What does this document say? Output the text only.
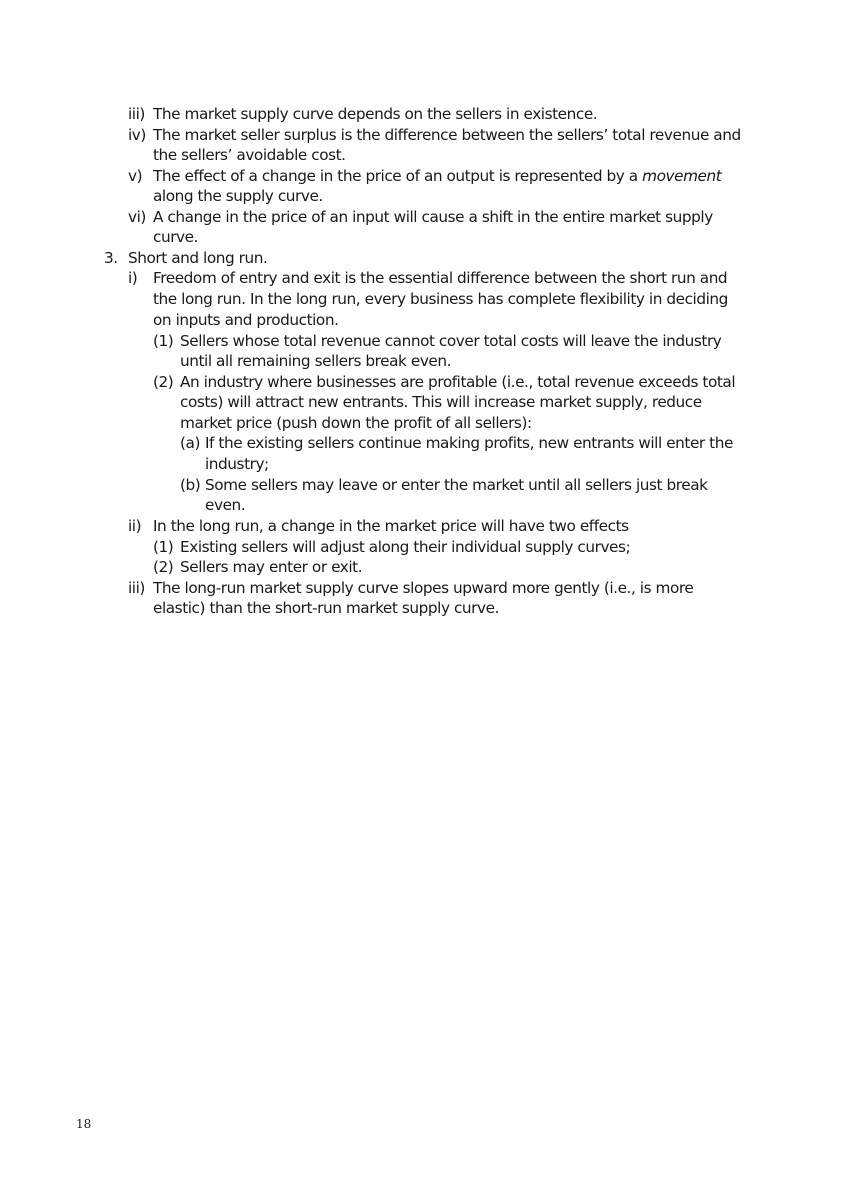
iii) The market supply curve depends on the sellers in existence.
iv) The market seller surplus is the difference between the sellers’ total revenue and
the sellers’ avoidable cost.
v) The effect of a change in the price of an output is represented by a movement
along the supply curve.
vi) A change in the price of an input will cause a shift in the entire market supply
curve.
3. Short and long run.
i) Freedom of entry and exit is the essential difference between the short run and
the long run. In the long run, every business has complete flexibility in deciding
on inputs and production.
(1) Sellers whose total revenue cannot cover total costs will leave the industry
until all remaining sellers break even.
(2) An industry where businesses are profitable (i.e., total revenue exceeds total
costs) will attract new entrants. This will increase market supply, reduce
market price (push down the profit of all sellers):
(a) If the existing sellers continue making profits, new entrants will enter the
industry;
(b) Some sellers may leave or enter the market until all sellers just break
even.
ii) In the long run, a change in the market price will have two effects
(1) Existing sellers will adjust along their individual supply curves;
(2) Sellers may enter or exit.
iii) The long-run market supply curve slopes upward more gently (i.e., is more
elastic) than the short-run market supply curve.
18
